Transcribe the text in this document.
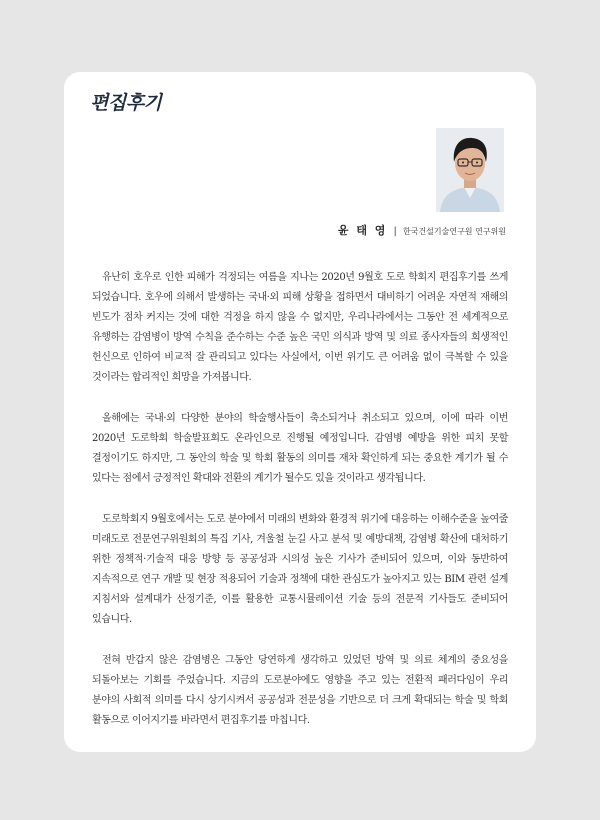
편집후기
윤 태 영 | 한국건설기술연구원 연구위원

유난히 호우로 인한 피해가 걱정되는 여름을 지나는 2020년 9월호 도로 학회지 편집후기를 쓰게 되었습니다. 호우에 의해서 발생하는 국내·외 피해 상황을 접하면서 대비하기 어려운 자연적 재해의 빈도가 점차 커지는 것에 대한 걱정을 하지 않을 수 없지만, 우리나라에서는 그동안 전 세계적으로 유행하는 감염병이 방역 수칙을 준수하는 수준 높은 국민 의식과 방역 및 의료 종사자들의 희생적인 헌신으로 인하여 비교적 잘 관리되고 있다는 사실에서, 이번 위기도 큰 어려움 없이 극복할 수 있을 것이라는 합리적인 희망을 가져봅니다.

올해에는 국내·외 다양한 분야의 학술행사들이 축소되거나 취소되고 있으며, 이에 따라 이번 2020년 도로학회 학술발표회도 온라인으로 진행될 예정입니다. 감염병 예방을 위한 피치 못할 결정이기도 하지만, 그 동안의 학술 및 학회 활동의 의미를 재차 확인하게 되는 중요한 계기가 될 수 있다는 점에서 긍정적인 확대와 전환의 계기가 될수도 있을 것이라고 생각됩니다.

도로학회지 9월호에서는 도로 분야에서 미래의 변화와 환경적 위기에 대응하는 이해수준을 높여줄 미래도로 전문연구위원회의 특집 기사, 겨울철 눈길 사고 분석 및 예방대책, 감염병 확산에 대처하기 위한 정책적·기술적 대응 방향 등 공공성과 시의성 높은 기사가 준비되어 있으며, 이와 동반하여 지속적으로 연구 개발 및 현장 적용되어 기술과 정책에 대한 관심도가 높아지고 있는 BIM 관련 설계 지침서와 설계대가 산정기준, 이를 활용한 교통시뮬레이션 기술 등의 전문적 기사들도 준비되어 있습니다.

전혀 반갑지 않은 감염병은 그동안 당연하게 생각하고 있었던 방역 및 의료 체계의 중요성을 되돌아보는 기회를 주었습니다. 지금의 도로분야에도 영향을 주고 있는 전환적 패러다임이 우리 분야의 사회적 의미를 다시 상기시켜서 공공성과 전문성을 기반으로 더 크게 확대되는 학술 및 학회 활동으로 이어지기를 바라면서 편집후기를 마칩니다.
